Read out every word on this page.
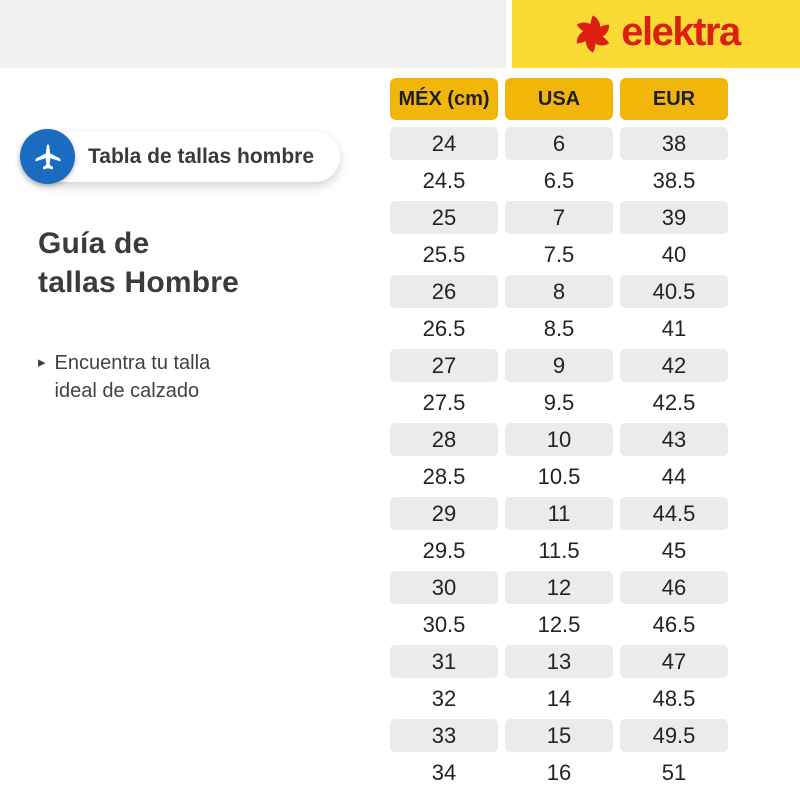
elektra
Tabla de tallas hombre
Guía de
tallas Hombre
▸ Encuentra tu talla
ideal de calzado
MÉX (cm)	USA	EUR
24	6	38
24.5	6.5	38.5
25	7	39
25.5	7.5	40
26	8	40.5
26.5	8.5	41
27	9	42
27.5	9.5	42.5
28	10	43
28.5	10.5	44
29	11	44.5
29.5	11.5	45
30	12	46
30.5	12.5	46.5
31	13	47
32	14	48.5
33	15	49.5
34	16	51
